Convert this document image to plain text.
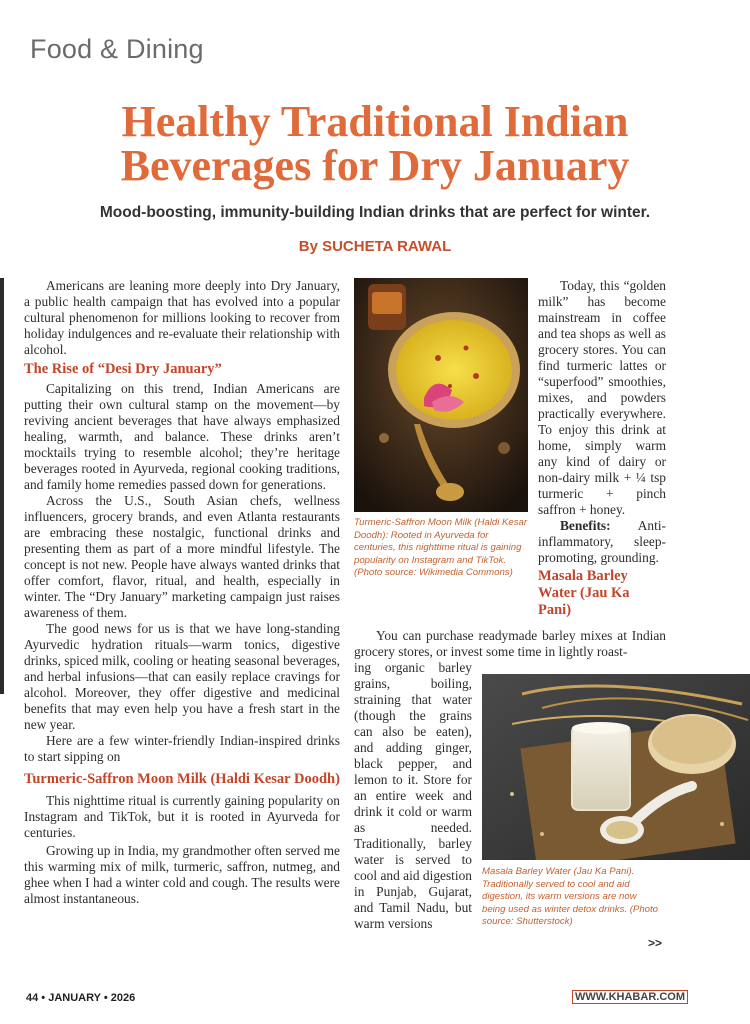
Food & Dining
Healthy Traditional Indian
Beverages for Dry January
Mood-boosting, immunity-building Indian drinks that are perfect for winter.
By SUCHETA RAWAL

Americans are leaning more deeply into Dry January, a public health campaign that has evolved into a popular cultural phenomenon for millions looking to recover from holiday indulgences and re-evaluate their relationship with alcohol.

The Rise of “Desi Dry January”

Capitalizing on this trend, Indian Americans are putting their own cultural stamp on the movement—by reviving ancient beverages that have always emphasized healing, warmth, and balance. These drinks aren’t mocktails trying to resemble alcohol; they’re heritage beverages rooted in Ayurveda, regional cooking traditions, and family home remedies passed down for generations.

Across the U.S., South Asian chefs, wellness influencers, grocery brands, and even Atlanta restaurants are embracing these nostalgic, functional drinks and presenting them as part of a more mindful lifestyle. The concept is not new. People have always wanted drinks that offer comfort, flavor, ritual, and health, especially in winter. The “Dry January” marketing campaign just raises awareness of them.

The good news for us is that we have long-standing Ayurvedic hydration rituals—warm tonics, digestive drinks, spiced milk, cooling or heating seasonal beverages, and herbal infusions—that can easily replace cravings for alcohol. Moreover, they offer digestive and medicinal benefits that may even help you have a fresh start in the new year.

Here are a few winter-friendly Indian-inspired drinks to start sipping on

Turmeric-Saffron Moon Milk (Haldi Kesar Doodh)

This nighttime ritual is currently gaining popularity on Instagram and TikTok, but it is rooted in Ayurveda for centuries.

Growing up in India, my grandmother often served me this warming mix of milk, turmeric, saffron, nutmeg, and ghee when I had a winter cold and cough. The results were almost instantaneous.

Turmeric-Saffron Moon Milk (Haldi Kesar Doodh): Rooted in Ayurveda for centuries, this nighttime ritual is gaining popularity on Instagram and TikTok. (Photo source: Wikimedia Commons)

Today, this “golden milk” has become mainstream in coffee and tea shops as well as grocery stores. You can find turmeric lattes or “superfood” smoothies, mixes, and powders practically everywhere. To enjoy this drink at home, simply warm any kind of dairy or non-dairy milk + ¼ tsp turmeric + pinch saffron + honey.

Benefits: Anti-inflammatory, sleep-promoting, grounding.

Masala Barley Water (Jau Ka Pani)

You can purchase readymade barley mixes at Indian grocery stores, or invest some time in lightly roast-

ing organic barley grains, boiling, straining that water (though the grains can also be eaten), and adding ginger, black pepper, and lemon to it. Store for an entire week and drink it cold or warm as needed. Traditionally, barley water is served to cool and aid digestion in Punjab, Gujarat, and Tamil Nadu, but warm versions

Masala Barley Water (Jau Ka Pani). Traditionally served to cool and aid digestion, its warm versions are now being used as winter detox drinks. (Photo source: Shutterstock)
>>
44 • JANUARY • 2026	WWW.KHABAR.COM
